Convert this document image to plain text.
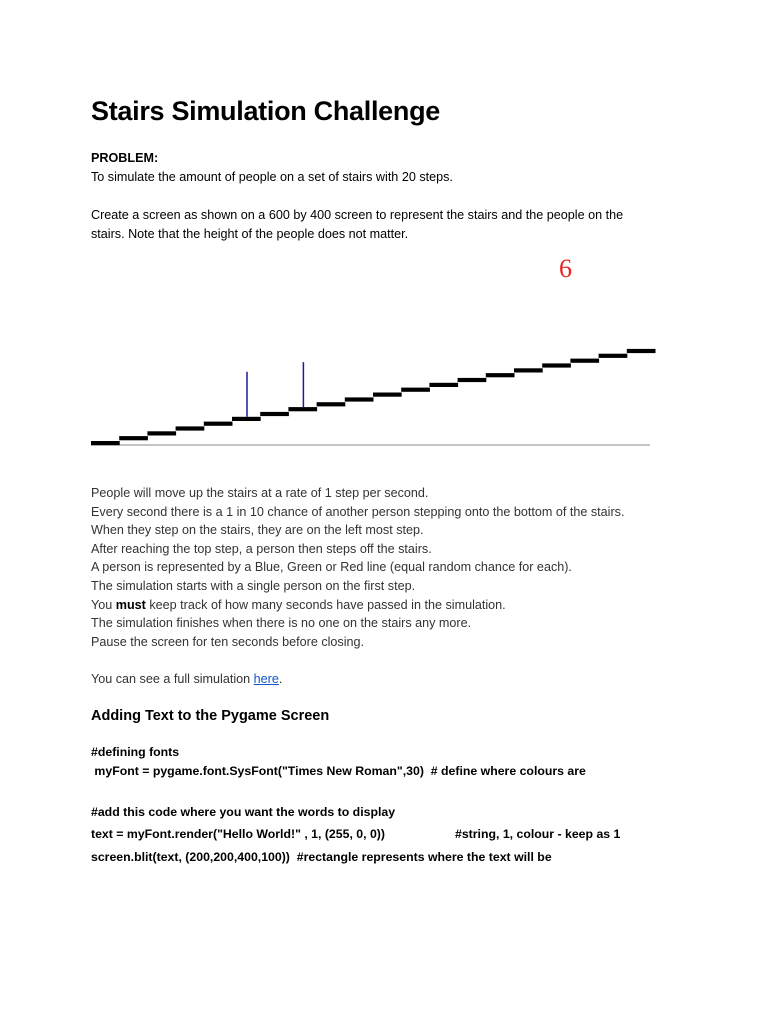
Stairs Simulation Challenge
PROBLEM:
To simulate the amount of people on a set of stairs with 20 steps.
Create a screen as shown on a 600 by 400 screen to represent the stairs and the people on the
stairs. Note that the height of the people does not matter.
6
People will move up the stairs at a rate of 1 step per second.
Every second there is a 1 in 10 chance of another person stepping onto the bottom of the stairs.
When they step on the stairs, they are on the left most step.
After reaching the top step, a person then steps off the stairs.
A person is represented by a Blue, Green or Red line (equal random chance for each).
The simulation starts with a single person on the first step.
You must keep track of how many seconds have passed in the simulation.
The simulation finishes when there is no one on the stairs any more.
Pause the screen for ten seconds before closing.
You can see a full simulation here.
Adding Text to the Pygame Screen
#defining fonts
myFont = pygame.font.SysFont("Times New Roman",30)  # define where colours are
#add this code where you want the words to display
text = myFont.render("Hello World!" , 1, (255, 0, 0))	#string, 1, colour - keep as 1
screen.blit(text, (200,200,400,100))  #rectangle represents where the text will be
